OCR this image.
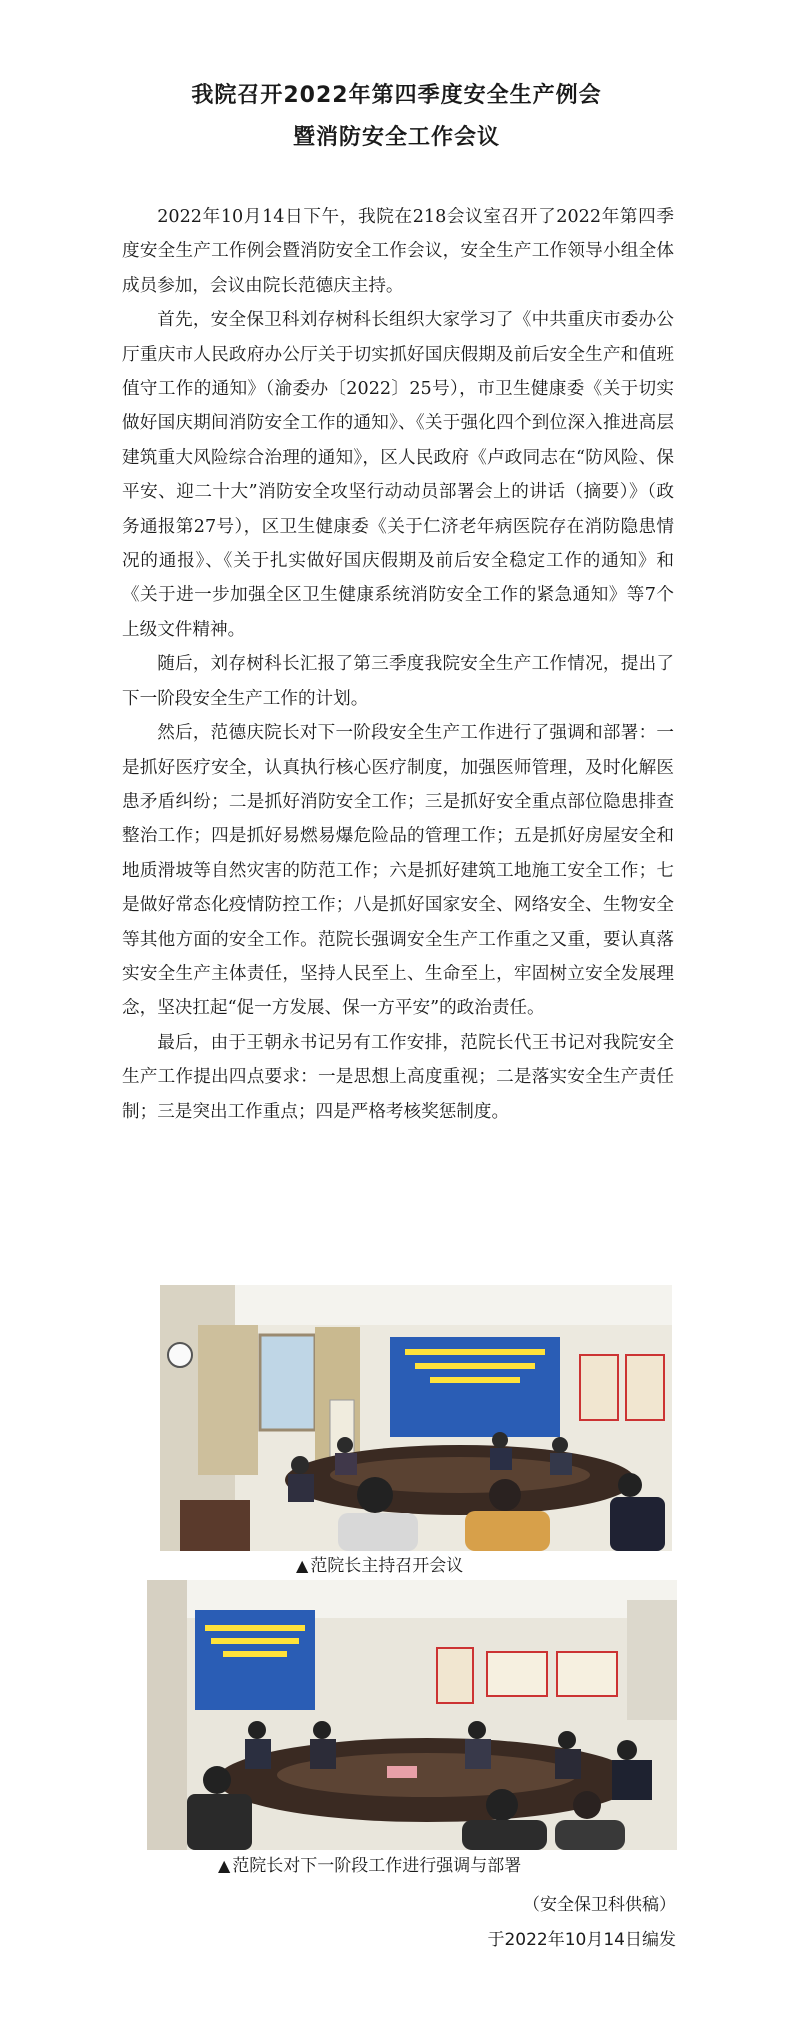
我院召开2022年第四季度安全生产例会
暨消防安全工作会议

2022年10月14日下午，我院在218会议室召开了2022年第四季度安全生产工作例会暨消防安全工作会议，安全生产工作领导小组全体成员参加，会议由院长范德庆主持。

首先，安全保卫科刘存树科长组织大家学习了《中共重庆市委办公厅重庆市人民政府办公厅关于切实抓好国庆假期及前后安全生产和值班值守工作的通知》（渝委办〔2022〕25号），市卫生健康委《关于切实做好国庆期间消防安全工作的通知》、《关于强化四个到位深入推进高层建筑重大风险综合治理的通知》，区人民政府《卢政同志在“防风险、保平安、迎二十大”消防安全攻坚行动动员部署会上的讲话（摘要）》（政务通报第27号），区卫生健康委《关于仁济老年病医院存在消防隐患情况的通报》、《关于扎实做好国庆假期及前后安全稳定工作的通知》和《关于进一步加强全区卫生健康系统消防安全工作的紧急通知》等7个上级文件精神。

随后，刘存树科长汇报了第三季度我院安全生产工作情况，提出了下一阶段安全生产工作的计划。

然后，范德庆院长对下一阶段安全生产工作进行了强调和部署：一是抓好医疗安全，认真执行核心医疗制度，加强医师管理，及时化解医患矛盾纠纷；二是抓好消防安全工作；三是抓好安全重点部位隐患排查整治工作；四是抓好易燃易爆危险品的管理工作；五是抓好房屋安全和地质滑坡等自然灾害的防范工作；六是抓好建筑工地施工安全工作；七是做好常态化疫情防控工作；八是抓好国家安全、网络安全、生物安全等其他方面的安全工作。范院长强调安全生产工作重之又重，要认真落实安全生产主体责任，坚持人民至上、生命至上，牢固树立安全发展理念，坚决扛起“促一方发展、保一方平安”的政治责任。

最后，由于王朝永书记另有工作安排，范院长代王书记对我院安全生产工作提出四点要求：一是思想上高度重视；二是落实安全生产责任制；三是突出工作重点；四是严格考核奖惩制度。

▲ 范院长主持召开会议
▲ 范院长对下一阶段工作进行强调与部署
（安全保卫科供稿）
于2022年10月14日编发
